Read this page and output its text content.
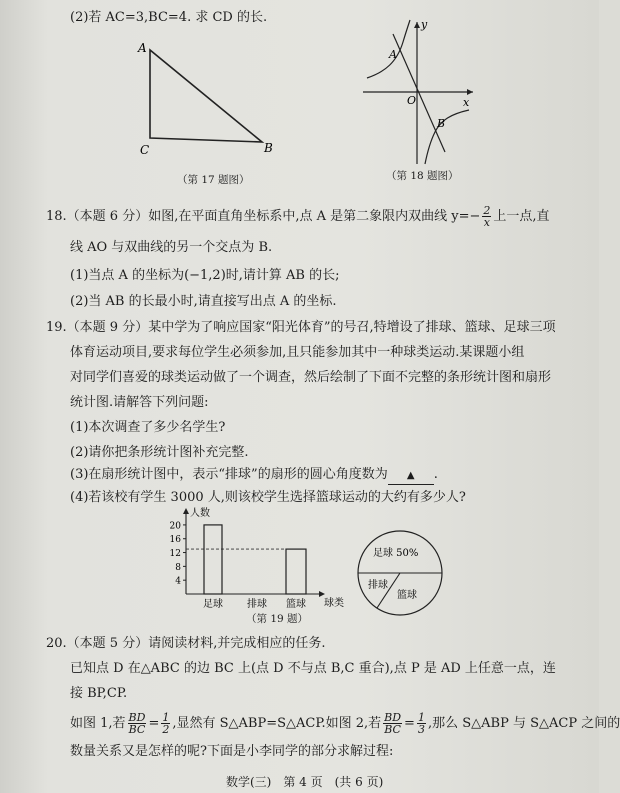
(2)若 AC=3,BC=4. 求 CD 的长.
A
C	B
（第 17 题图）
y
x
O
A
B
（第 18 题图）
18.（本题 6 分）如图,在平面直角坐标系中,点 A 是第二象限内双曲线 $y=- \frac{2}{x}$ 上一点,直
线 AO 与双曲线的另一个交点为 B.
(1)当点 A 的坐标为(−1,2)时,请计算 AB 的长;
(2)当 AB 的长最小时,请直接写出点 A 的坐标.
19.（本题 9 分）某中学为了响应国家“阳光体育”的号召,特增设了排球、篮球、足球三项
体育运动项目,要求每位学生必须参加,且只能参加其中一种球类运动.某课题小组
对同学们喜爱的球类运动做了一个调查，然后绘制了下面不完整的条形统计图和扇形
统计图.请解答下列问题:
(1)本次调查了多少名学生?
(2)请你把条形统计图补充完整.
(3)在扇形统计图中，表示“排球”的扇形的圆心角度数为 ▲ .
(4)若该校有学生 3000 人,则该校学生选择篮球运动的大约有多少人?
人数
球类
4
8
12
16
20
足球 排球 篮球
足球 50%
排球
篮球
（第 19 题）
20.（本题 5 分）请阅读材料,并完成相应的任务.
已知点 D 在△ABC 的边 BC 上(点 D 不与点 B,C 重合),点 P 是 AD 上任意一点，连
接 BP,CP.
如图 1,若 $\frac{BD}{BC} = \frac{1}{2}$ ,显然有 S△ABP=S△ACP.如图 2,若 $\frac{BD}{BC} = \frac{1}{3}$ ,那么 S△ABP 与 S△ACP 之间的
数量关系又是怎样的呢?下面是小李同学的部分求解过程:
数学(三)　第 4 页　(共 6 页)
